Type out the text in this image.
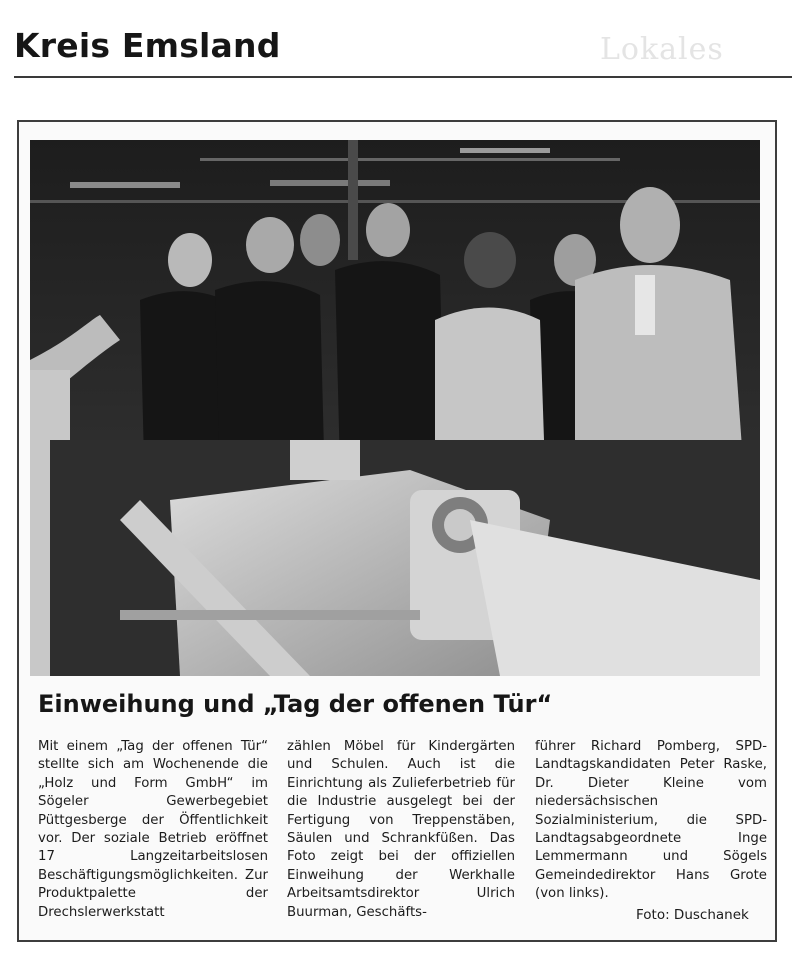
Kreis Emsland	Lokales
Einweihung und „Tag der offenen Tür“

Mit einem „Tag der offenen Tür“ stellte sich am Wochenende die „Holz und Form GmbH“ im Sögeler Gewerbegebiet Püttgesberge der Öffentlichkeit vor. Der soziale Betrieb eröffnet 17 Langzeitarbeitslosen Beschäftigungsmöglichkeiten. Zur Produktpalette der Drechslerwerkstatt

zählen Möbel für Kindergärten und Schulen. Auch ist die Einrichtung als Zulieferbetrieb für die Industrie ausgelegt bei der Fertigung von Treppenstäben, Säulen und Schrankfüßen. Das Foto zeigt bei der offiziellen Einweihung der Werkhalle Arbeitsamtsdirektor Ulrich Buurman, Geschäfts-

führer Richard Pomberg, SPD-Landtagskandidaten Peter Raske, Dr. Dieter Kleine vom niedersächsischen Sozialministerium, die SPD-Landtagsabgeordnete Inge Lemmermann und Sögels Gemeindedirektor Hans Grote (von links).

Foto: Duschanek
